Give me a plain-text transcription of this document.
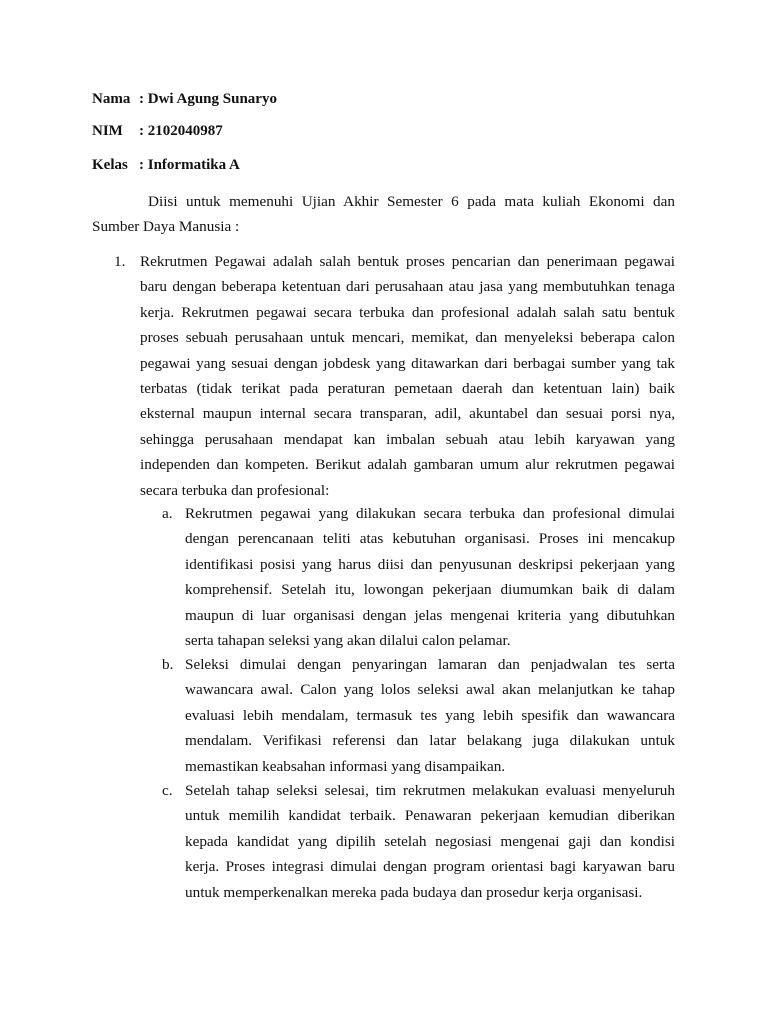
Nama : Dwi Agung Sunaryo
NIM : 2102040987
Kelas : Informatika A
Diisi untuk memenuhi Ujian Akhir Semester 6 pada mata kuliah Ekonomi dan
Sumber Daya Manusia :
1. Rekrutmen Pegawai adalah salah bentuk proses pencarian dan penerimaan pegawai
baru dengan beberapa ketentuan dari perusahaan atau jasa yang membutuhkan tenaga
kerja. Rekrutmen pegawai secara terbuka dan profesional adalah salah satu bentuk
proses sebuah perusahaan untuk mencari, memikat, dan menyeleksi beberapa calon
pegawai yang sesuai dengan jobdesk yang ditawarkan dari berbagai sumber yang tak
terbatas (tidak terikat pada peraturan pemetaan daerah dan ketentuan lain) baik
eksternal maupun internal secara transparan, adil, akuntabel dan sesuai porsi nya,
sehingga perusahaan mendapat kan imbalan sebuah atau lebih karyawan yang
independen dan kompeten. Berikut adalah gambaran umum alur rekrutmen pegawai
secara terbuka dan profesional:
a. Rekrutmen pegawai yang dilakukan secara terbuka dan profesional dimulai
dengan perencanaan teliti atas kebutuhan organisasi. Proses ini mencakup
identifikasi posisi yang harus diisi dan penyusunan deskripsi pekerjaan yang
komprehensif. Setelah itu, lowongan pekerjaan diumumkan baik di dalam
maupun di luar organisasi dengan jelas mengenai kriteria yang dibutuhkan
serta tahapan seleksi yang akan dilalui calon pelamar.
b. Seleksi dimulai dengan penyaringan lamaran dan penjadwalan tes serta
wawancara awal. Calon yang lolos seleksi awal akan melanjutkan ke tahap
evaluasi lebih mendalam, termasuk tes yang lebih spesifik dan wawancara
mendalam. Verifikasi referensi dan latar belakang juga dilakukan untuk
memastikan keabsahan informasi yang disampaikan.
c. Setelah tahap seleksi selesai, tim rekrutmen melakukan evaluasi menyeluruh
untuk memilih kandidat terbaik. Penawaran pekerjaan kemudian diberikan
kepada kandidat yang dipilih setelah negosiasi mengenai gaji dan kondisi
kerja. Proses integrasi dimulai dengan program orientasi bagi karyawan baru
untuk memperkenalkan mereka pada budaya dan prosedur kerja organisasi.
